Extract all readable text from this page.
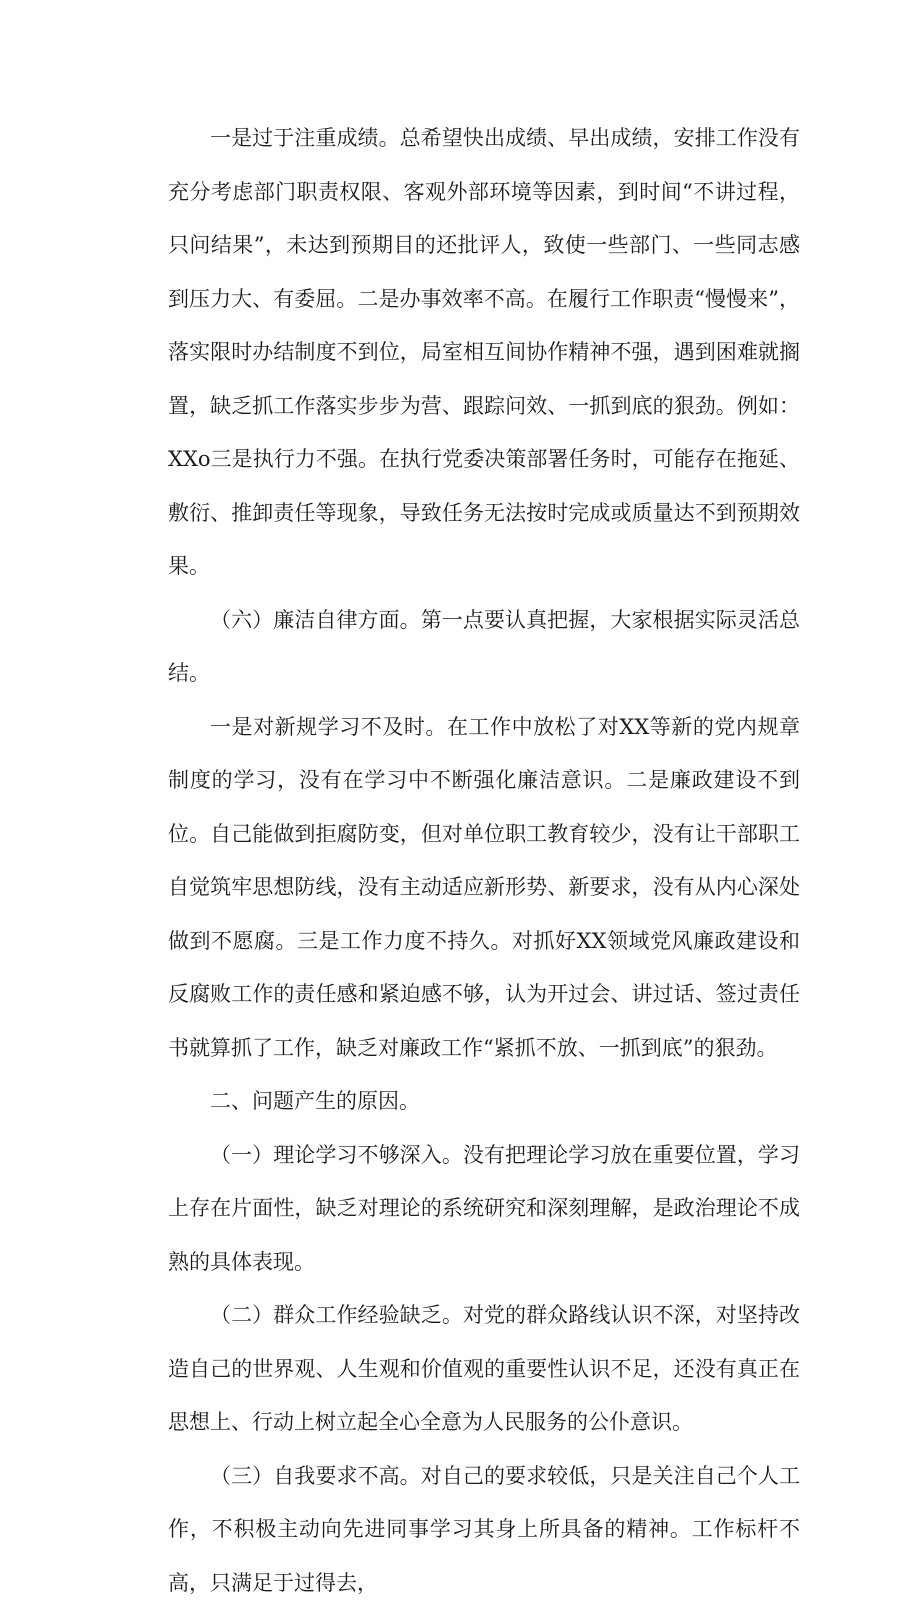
一是过于注重成绩。总希望快出成绩、早出成绩，安排工作没有充分考虑部门职责权限、客观外部环境等因素，到时间“不讲过程，只问结果”，未达到预期目的还批评人，致使一些部门、一些同志感到压力大、有委屈。二是办事效率不高。在履行工作职责“慢慢来”，落实限时办结制度不到位，局室相互间协作精神不强，遇到困难就搁置，缺乏抓工作落实步步为营、跟踪问效、一抓到底的狠劲。例如：XXo三是执行力不强。在执行党委决策部署任务时，可能存在拖延、敷衍、推卸责任等现象，导致任务无法按时完成或质量达不到预期效果。

（六）廉洁自律方面。第一点要认真把握，大家根据实际灵活总结。

一是对新规学习不及时。在工作中放松了对XX等新的党内规章制度的学习，没有在学习中不断强化廉洁意识。二是廉政建设不到位。自己能做到拒腐防变，但对单位职工教育较少，没有让干部职工自觉筑牢思想防线，没有主动适应新形势、新要求，没有从内心深处做到不愿腐。三是工作力度不持久。对抓好XX领域党风廉政建设和反腐败工作的责任感和紧迫感不够，认为开过会、讲过话、签过责任书就算抓了工作，缺乏对廉政工作“紧抓不放、一抓到底”的狠劲。

二、问题产生的原因。

（一）理论学习不够深入。没有把理论学习放在重要位置，学习上存在片面性，缺乏对理论的系统研究和深刻理解，是政治理论不成熟的具体表现。

（二）群众工作经验缺乏。对党的群众路线认识不深，对坚持改造自己的世界观、人生观和价值观的重要性认识不足，还没有真正在思想上、行动上树立起全心全意为人民服务的公仆意识。

（三）自我要求不高。对自己的要求较低，只是关注自己个人工作，不积极主动向先进同事学习其身上所具备的精神。工作标杆不高，只满足于过得去，
